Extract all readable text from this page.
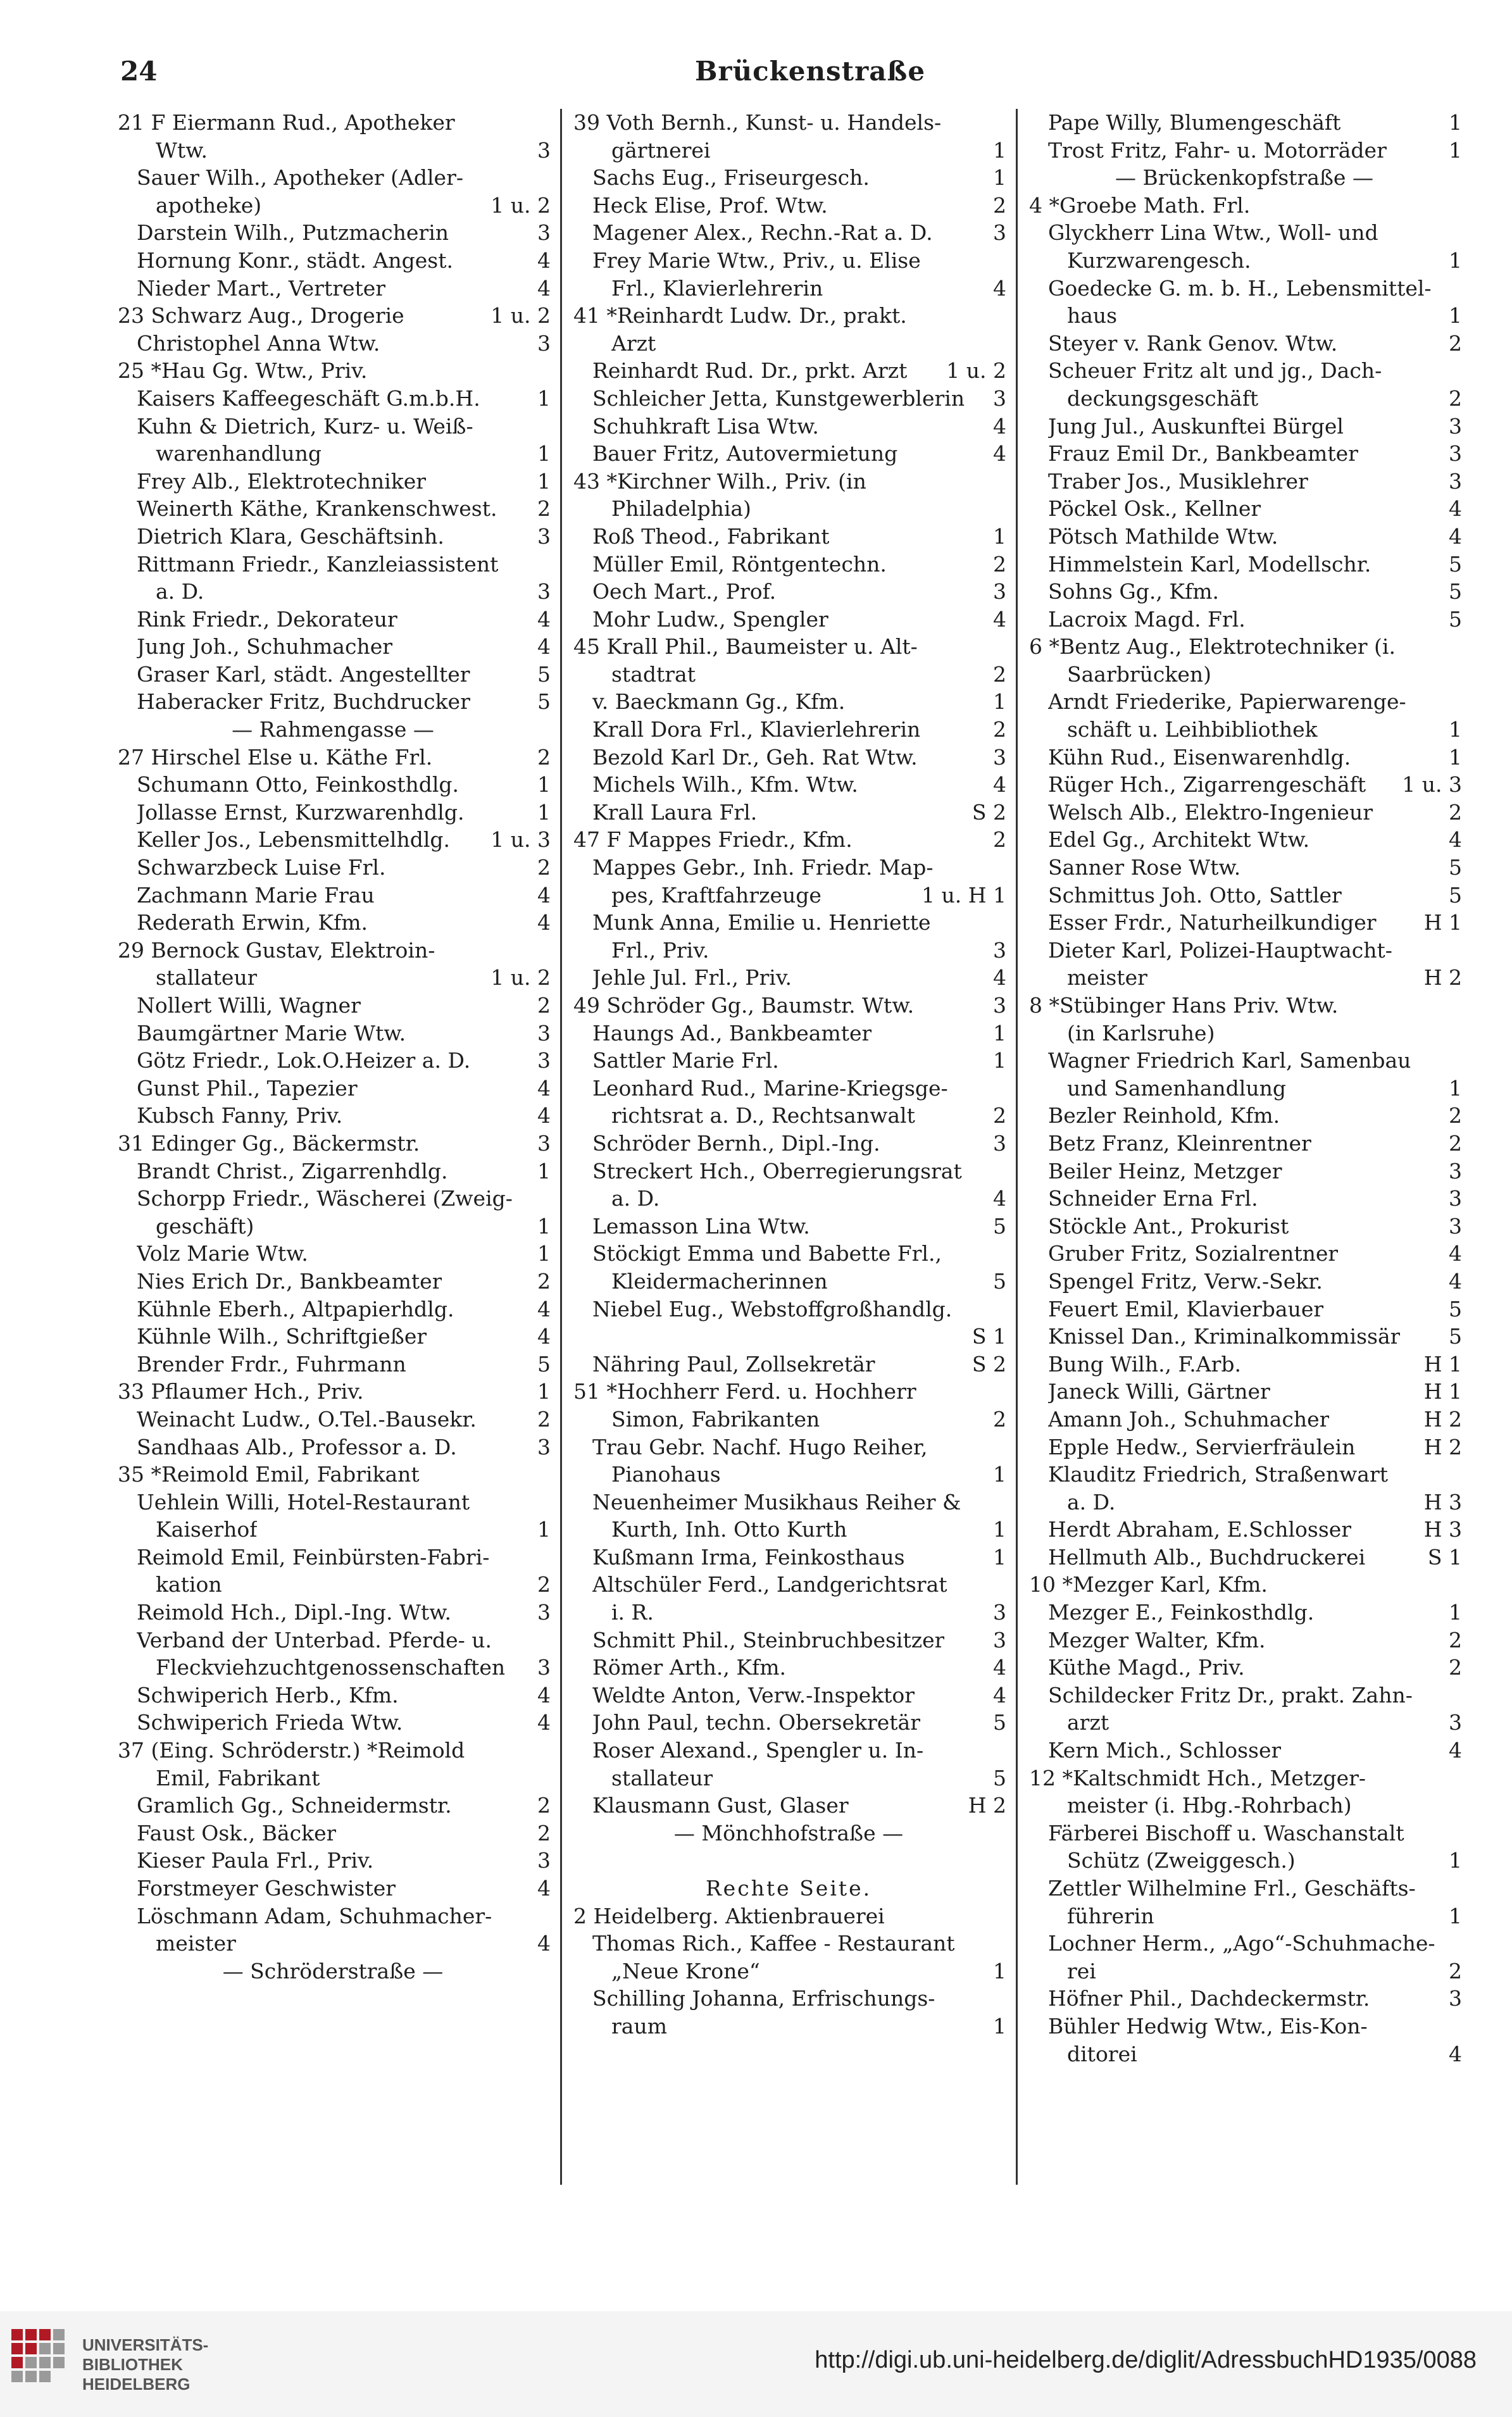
24	Brückenstraße
21 F Eiermann Rud., Apotheker
Wtw.	3
Sauer Wilh., Apotheker (Adler-
apotheke)	1 u. 2
Darstein Wilh., Putzmacherin	3
Hornung Konr., städt. Angest.	4
Nieder Mart., Vertreter	4
23 Schwarz Aug., Drogerie	1 u. 2
Christophel Anna Wtw.	3
25 *Hau Gg. Wtw., Priv.
Kaisers Kaffeegeschäft G.m.b.H.	1
Kuhn & Dietrich, Kurz- u. Weiß-
warenhandlung	1
Frey Alb., Elektrotechniker	1
Weinerth Käthe, Krankenschwest. 2
Dietrich Klara, Geschäftsinh.	3
Rittmann Friedr., Kanzleiassistent
a. D.	3
Rink Friedr., Dekorateur	4
Jung Joh., Schuhmacher	4
Graser Karl, städt. Angestellter	5
Haberacker Fritz, Buchdrucker	5
— Rahmengasse —
27 Hirschel Else u. Käthe Frl.	2
Schumann Otto, Feinkosthdlg.	1
Jollasse Ernst, Kurzwarenhdlg.	1
Keller Jos., Lebensmittelhdlg. 1 u. 3
Schwarzbeck Luise Frl.	2
Zachmann Marie Frau	4
Rederath Erwin, Kfm.	4
29 Bernock Gustav, Elektroin-
stallateur	1 u. 2
Nollert Willi, Wagner	2
Baumgärtner Marie Wtw.	3
Götz Friedr., Lok.O.Heizer a. D.	3
Gunst Phil., Tapezier	4
Kubsch Fanny, Priv.	4
31 Edinger Gg., Bäckermstr.	3
Brandt Christ., Zigarrenhdlg.	1
Schorpp Friedr., Wäscherei (Zweig-
geschäft)	1
Volz Marie Wtw.	1
Nies Erich Dr., Bankbeamter	2
Kühnle Eberh., Altpapierhdlg.	4
Kühnle Wilh., Schriftgießer	4
Brender Frdr., Fuhrmann	5
33 Pflaumer Hch., Priv.	1
Weinacht Ludw., O.Tel.-Bausekr.	2
Sandhaas Alb., Professor a. D.	3
35 *Reimold Emil, Fabrikant
Uehlein Willi, Hotel-Restaurant
Kaiserhof	1
Reimold Emil, Feinbürsten-Fabri-
kation	2
Reimold Hch., Dipl.-Ing. Wtw.	3
Verband der Unterbad. Pferde- u.
Fleckviehzuchtgenossenschaften 3
Schwiperich Herb., Kfm.	4
Schwiperich Frieda Wtw.	4
37 (Eing. Schröderstr.) *Reimold
Emil, Fabrikant
Gramlich Gg., Schneidermstr.	2
Faust Osk., Bäcker	2
Kieser Paula Frl., Priv.	3
Forstmeyer Geschwister	4
Löschmann Adam, Schuhmacher-
meister	4
— Schröderstraße —
39 Voth Bernh., Kunst- u. Handels-
gärtnerei	1
Sachs Eug., Friseurgesch.	1
Heck Elise, Prof. Wtw.	2
Magener Alex., Rechn.-Rat a. D.	3
Frey Marie Wtw., Priv., u. Elise
Frl., Klavierlehrerin	4
41 *Reinhardt Ludw. Dr., prakt.
Arzt
Reinhardt Rud. Dr., prkt. Arzt 1 u. 2
Schleicher Jetta, Kunstgewerblerin 3
Schuhkraft Lisa Wtw.	4
Bauer Fritz, Autovermietung	4
43 *Kirchner Wilh., Priv. (in
Philadelphia)
Roß Theod., Fabrikant	1
Müller Emil, Röntgentechn.	2
Oech Mart., Prof.	3
Mohr Ludw., Spengler	4
45 Krall Phil., Baumeister u. Alt-
stadtrat	2
v. Baeckmann Gg., Kfm.	1
Krall Dora Frl., Klavierlehrerin	2
Bezold Karl Dr., Geh. Rat Wtw.	3
Michels Wilh., Kfm. Wtw.	4
Krall Laura Frl.	S 2
47 F Mappes Friedr., Kfm.	2
Mappes Gebr., Inh. Friedr. Map-
pes, Kraftfahrzeuge	1 u. H 1
Munk Anna, Emilie u. Henriette
Frl., Priv.	3
Jehle Jul. Frl., Priv.	4
49 Schröder Gg., Baumstr. Wtw.	3
Haungs Ad., Bankbeamter	1
Sattler Marie Frl.	1
Leonhard Rud., Marine-Kriegsge-
richtsrat a. D., Rechtsanwalt	2
Schröder Bernh., Dipl.-Ing.	3
Streckert Hch., Oberregierungsrat
a. D.	4
Lemasson Lina Wtw.	5
Stöckigt Emma und Babette Frl.,
Kleidermacherinnen	5
Niebel Eug., Webstoffgroßhandlg.
S 1
Nähring Paul, Zollsekretär	S 2
51 *Hochherr Ferd. u. Hochherr
Simon, Fabrikanten	2
Trau Gebr. Nachf. Hugo Reiher,
Pianohaus	1
Neuenheimer Musikhaus Reiher &
Kurth, Inh. Otto Kurth	1
Kußmann Irma, Feinkosthaus	1
Altschüler Ferd., Landgerichtsrat
i. R.	3
Schmitt Phil., Steinbruchbesitzer 3
Römer Arth., Kfm.	4
Weldte Anton, Verw.-Inspektor	4
John Paul, techn. Obersekretär	5
Roser Alexand., Spengler u. In-
stallateur	5
Klausmann Gust, Glaser	H 2
— Mönchhofstraße —
Rechte Seite.
2 Heidelberg. Aktienbrauerei
Thomas Rich., Kaffee - Restaurant
„Neue Krone“	1
Schilling Johanna, Erfrischungs-
raum	1
Pape Willy, Blumengeschäft	1
Trost Fritz, Fahr- u. Motorräder	1
— Brückenkopfstraße —
4 *Groebe Math. Frl.
Glyckherr Lina Wtw., Woll- und
Kurzwarengesch.	1
Goedecke G. m. b. H., Lebensmittel-
haus	1
Steyer v. Rank Genov. Wtw.	2
Scheuer Fritz alt und jg., Dach-
deckungsgeschäft	2
Jung Jul., Auskunftei Bürgel	3
Frauz Emil Dr., Bankbeamter	3
Traber Jos., Musiklehrer	3
Pöckel Osk., Kellner	4
Pötsch Mathilde Wtw.	4
Himmelstein Karl, Modellschr.	5
Sohns Gg., Kfm.	5
Lacroix Magd. Frl.	5
6 *Bentz Aug., Elektrotechniker (i.
Saarbrücken)
Arndt Friederike, Papierwarenge-
schäft u. Leihbibliothek	1
Kühn Rud., Eisenwarenhdlg.	1
Rüger Hch., Zigarrengeschäft 1 u. 3
Welsch Alb., Elektro-Ingenieur	2
Edel Gg., Architekt Wtw.	4
Sanner Rose Wtw.	5
Schmittus Joh. Otto, Sattler	5
Esser Frdr., Naturheilkundiger H 1
Dieter Karl, Polizei-Hauptwacht-
meister	H 2
8 *Stübinger Hans Priv. Wtw.
(in Karlsruhe)
Wagner Friedrich Karl, Samenbau
und Samenhandlung	1
Bezler Reinhold, Kfm.	2
Betz Franz, Kleinrentner	2
Beiler Heinz, Metzger	3
Schneider Erna Frl.	3
Stöckle Ant., Prokurist	3
Gruber Fritz, Sozialrentner	4
Spengel Fritz, Verw.-Sekr.	4
Feuert Emil, Klavierbauer	5
Knissel Dan., Kriminalkommissär 5
Bung Wilh., F.Arb.	H 1
Janeck Willi, Gärtner	H 1
Amann Joh., Schuhmacher	H 2
Epple Hedw., Servierfräulein	H 2
Klauditz Friedrich, Straßenwart
a. D.	H 3
Herdt Abraham, E.Schlosser	H 3
Hellmuth Alb., Buchdruckerei	S 1
10 *Mezger Karl, Kfm.
Mezger E., Feinkosthdlg.	1
Mezger Walter, Kfm.	2
Küthe Magd., Priv.	2
Schildecker Fritz Dr., prakt. Zahn-
arzt	3
Kern Mich., Schlosser	4
12 *Kaltschmidt Hch., Metzger-
meister (i. Hbg.-Rohrbach)
Färberei Bischoff u. Waschanstalt
Schütz (Zweiggesch.)	1
Zettler Wilhelmine Frl., Geschäfts-
führerin	1
Lochner Herm., „Ago“-Schuhmache-
rei	2
Höfner Phil., Dachdeckermstr.	3
Bühler Hedwig Wtw., Eis-Kon-
ditorei	4
UNIVERSITÄTS-
BIBLIOTHEK
HEIDELBERG
http://digi.ub.uni-heidelberg.de/diglit/AdressbuchHD1935/0088
